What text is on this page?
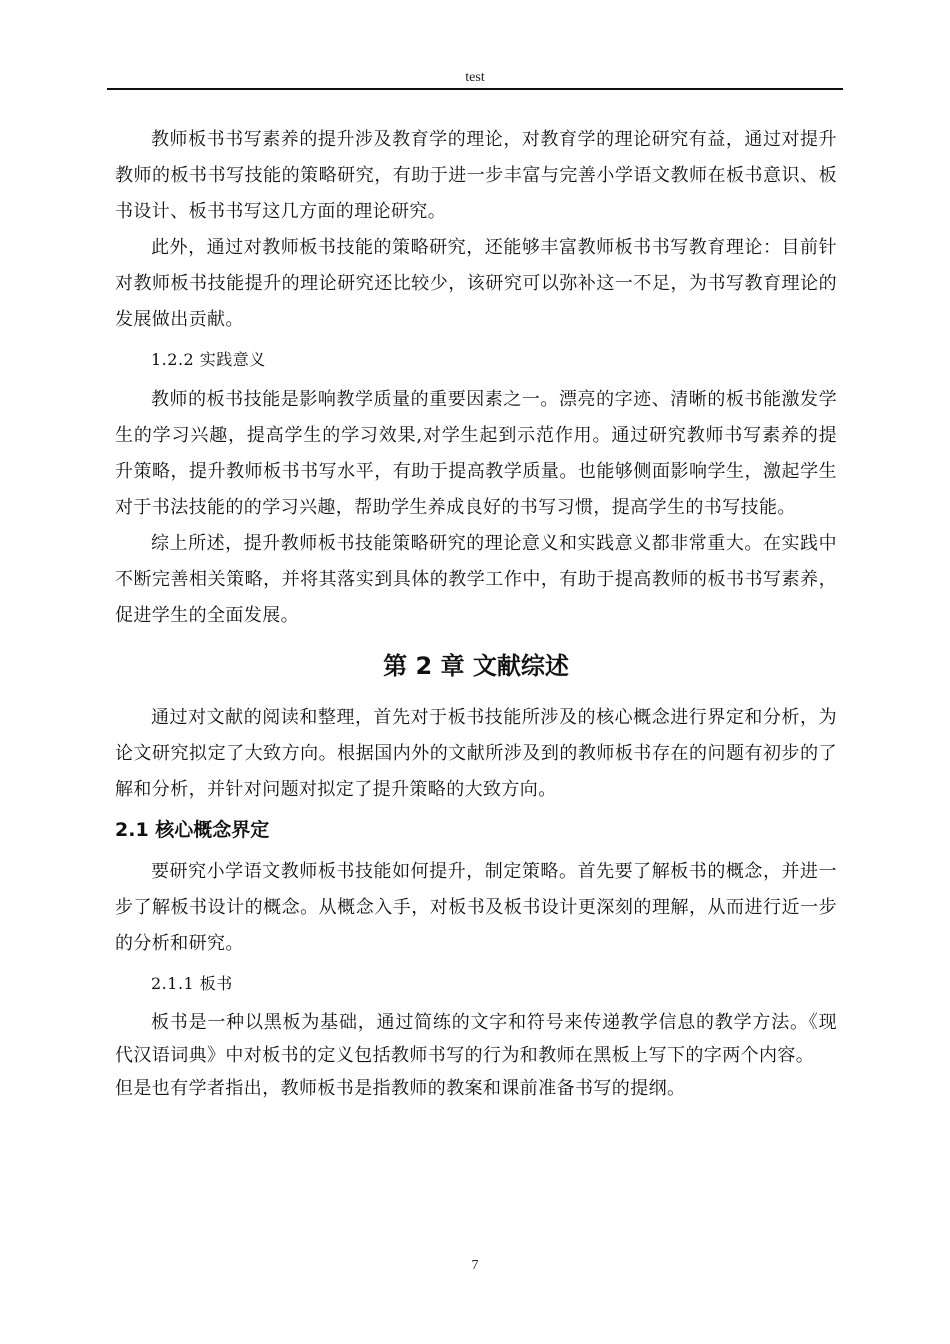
test

教师板书书写素养的提升涉及教育学的理论，对教育学的理论研究有益，通过对提升教师的板书书写技能的策略研究，有助于进一步丰富与完善小学语文教师在板书意识、板书设计、板书书写这几方面的理论研究。

此外，通过对教师板书技能的策略研究，还能够丰富教师板书书写教育理论：目前针对教师板书技能提升的理论研究还比较少，该研究可以弥补这一不足，为书写教育理论的发展做出贡献。

1.2.2 实践意义

教师的板书技能是影响教学质量的重要因素之一。漂亮的字迹、清晰的板书能激发学生的学习兴趣，提高学生的学习效果,对学生起到示范作用。通过研究教师书写素养的提升策略，提升教师板书书写水平，有助于提高教学质量。也能够侧面影响学生，激起学生对于书法技能的的学习兴趣，帮助学生养成良好的书写习惯，提高学生的书写技能。

综上所述，提升教师板书技能策略研究的理论意义和实践意义都非常重大。在实践中不断完善相关策略，并将其落实到具体的教学工作中，有助于提高教师的板书书写素养，促进学生的全面发展。

第 2 章 文献综述

通过对文献的阅读和整理，首先对于板书技能所涉及的核心概念进行界定和分析，为论文研究拟定了大致方向。根据国内外的文献所涉及到的教师板书存在的问题有初步的了解和分析，并针对问题对拟定了提升策略的大致方向。

2.1 核心概念界定

要研究小学语文教师板书技能如何提升，制定策略。首先要了解板书的概念，并进一步了解板书设计的概念。从概念入手，对板书及板书设计更深刻的理解，从而进行近一步的分析和研究。

2.1.1 板书

板书是一种以黑板为基础，通过简练的文字和符号来传递教学信息的教学方法。《现代汉语词典》中对板书的定义包括教师书写的行为和教师在黑板上写下的字两个内容。

但是也有学者指出，教师板书是指教师的教案和课前准备书写的提纲。

7
